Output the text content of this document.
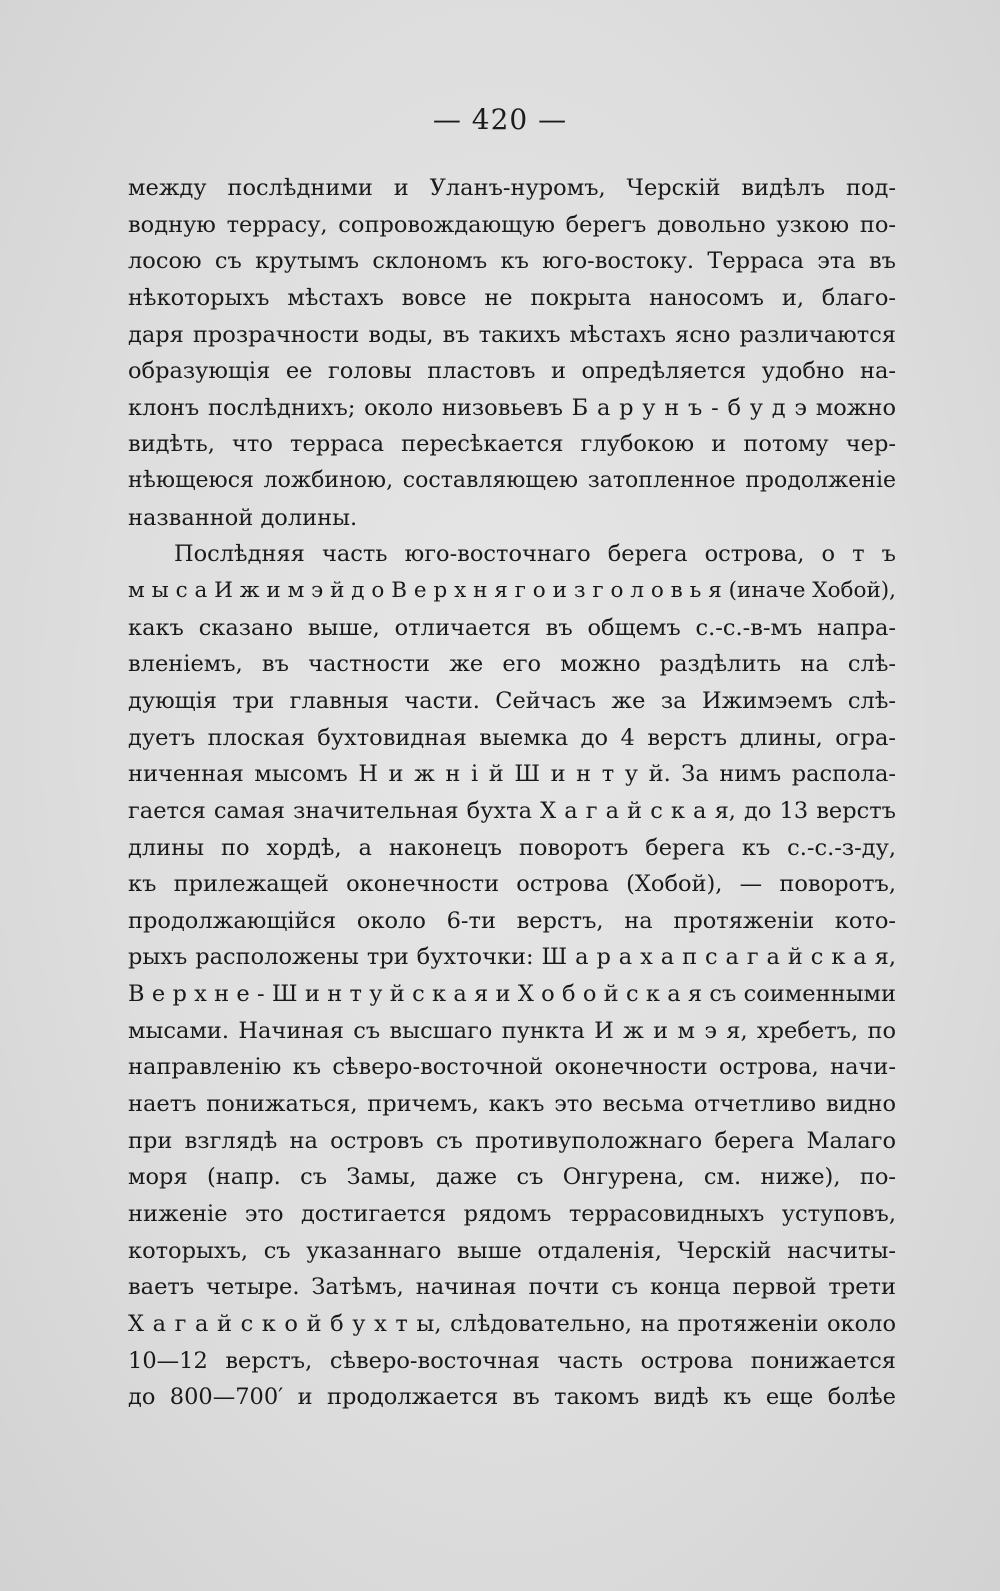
— 420 —
между послѣдними и Уланъ-нуромъ, Черскій видѣлъ под-
водную террасу, сопровождающую берегъ довольно узкою по-
лосою съ крутымъ склономъ къ юго-востоку. Терраса эта въ
нѣкоторыхъ мѣстахъ вовсе не покрыта наносомъ и, благо-
даря прозрачности воды, въ такихъ мѣстахъ ясно различаются
образующія ее головы пластовъ и опредѣляется удобно на-
клонъ послѣднихъ; около низовьевъ Б а р у н ъ - б у д э можно
видѣть, что терраса пересѣкается глубокою и потому чер-
нѣющеюся ложбиною, составляющею затопленное продолженіе
названной долины.
Послѣдняя часть юго-восточнаго берега острова, о т ъ
м ы с а И ж и м э й д о В е р х н я г о и з г о л о в ь я (иначе Хобой),
какъ сказано выше, отличается въ общемъ с.-с.-в-мъ напра-
вленіемъ, въ частности же его можно раздѣлить на слѣ-
дующія три главныя части. Сейчасъ же за Ижимэемъ слѣ-
дуетъ плоская бухтовидная выемка до 4 верстъ длины, огра-
ниченная мысомъ Н и ж н і й Ш и н т у й. За нимъ распола-
гается самая значительная бухта Х а г а й с к а я, до 13 верстъ
длины по хордѣ, а наконецъ поворотъ берега къ с.-с.-з-ду,
къ прилежащей оконечности острова (Хобой), — поворотъ,
продолжающійся около 6-ти верстъ, на протяженіи кото-
рыхъ расположены три бухточки: Ш а р а х а п с а г а й с к а я,
В е р х н е - Ш и н т у й с к а я и Х о б о й с к а я съ соименными
мысами. Начиная съ высшаго пункта И ж и м э я, хребетъ, по
направленію къ сѣверо-восточной оконечности острова, начи-
наетъ понижаться, причемъ, какъ это весьма отчетливо видно
при взглядѣ на островъ съ противуположнаго берега Малаго
моря (напр. съ Замы, даже съ Онгурена, см. ниже), по-
ниженіе это достигается рядомъ террасовидныхъ уступовъ,
которыхъ, съ указаннаго выше отдаленія, Черскій насчиты-
ваетъ четыре. Затѣмъ, начиная почти съ конца первой трети
Х а г а й с к о й б у х т ы, слѣдовательно, на протяженіи около
10—12 верстъ, сѣверо-восточная часть острова понижается
до 800—700′ и продолжается въ такомъ видѣ къ еще болѣе
